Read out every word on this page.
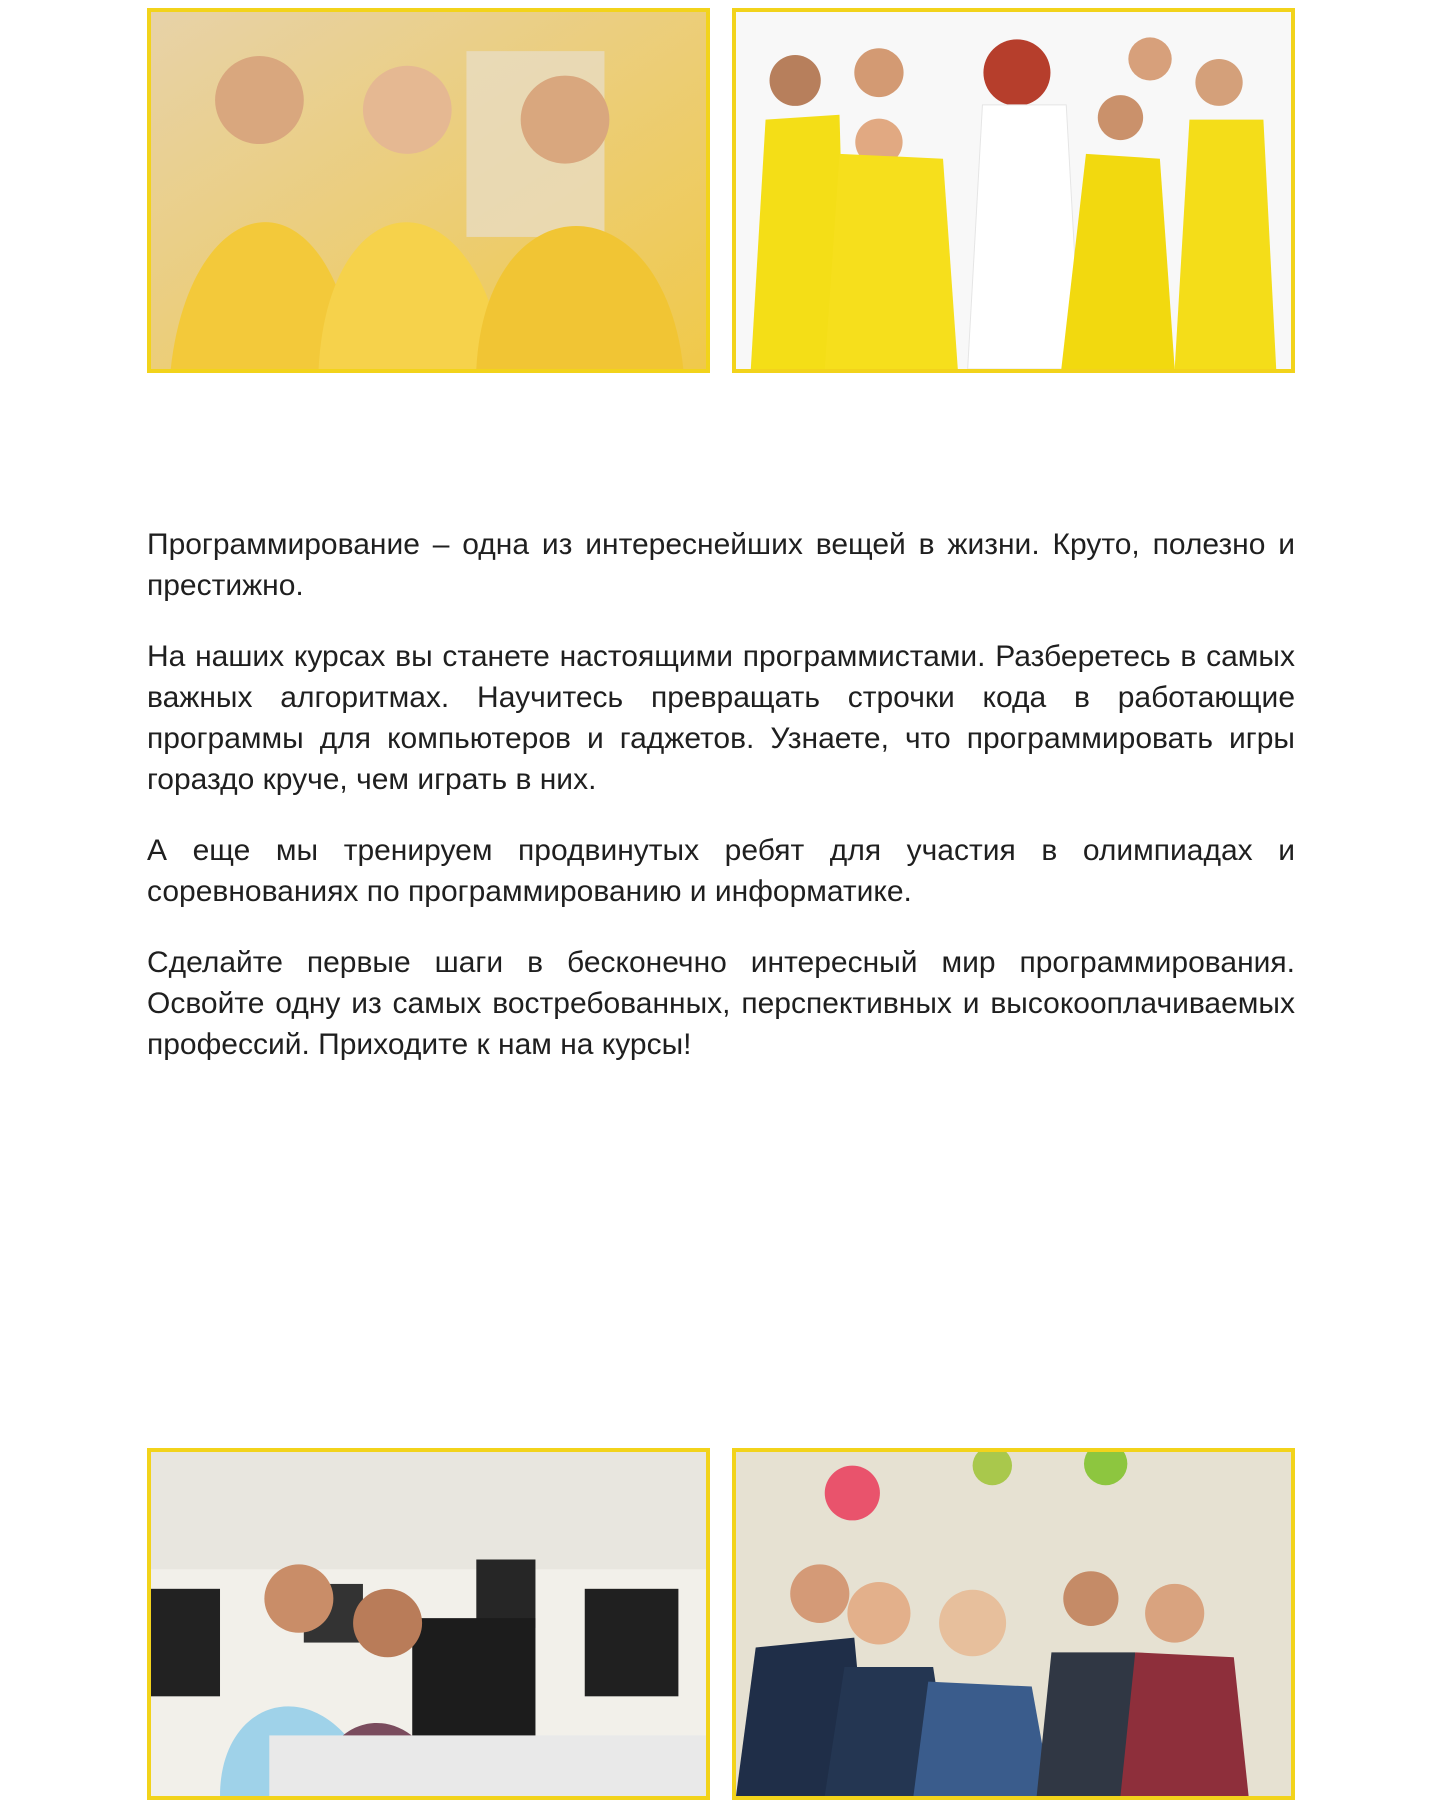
Программирование – одна из интереснейших вещей в жизни. Круто, полезно и престижно.

На наших курсах вы станете настоящими программистами. Разберетесь в самых важных алгоритмах. Научитесь превращать строчки кода в работающие программы для компьютеров и гаджетов. Узнаете, что программировать игры гораздо круче, чем играть в них.

А еще мы тренируем продвинутых ребят для участия в олимпиадах и соревнованиях по программированию и информатике.

Сделайте первые шаги в бесконечно интересный мир программирования. Освойте одну из самых востребованных, перспективных и высокооплачиваемых профессий. Приходите к нам на курсы!
